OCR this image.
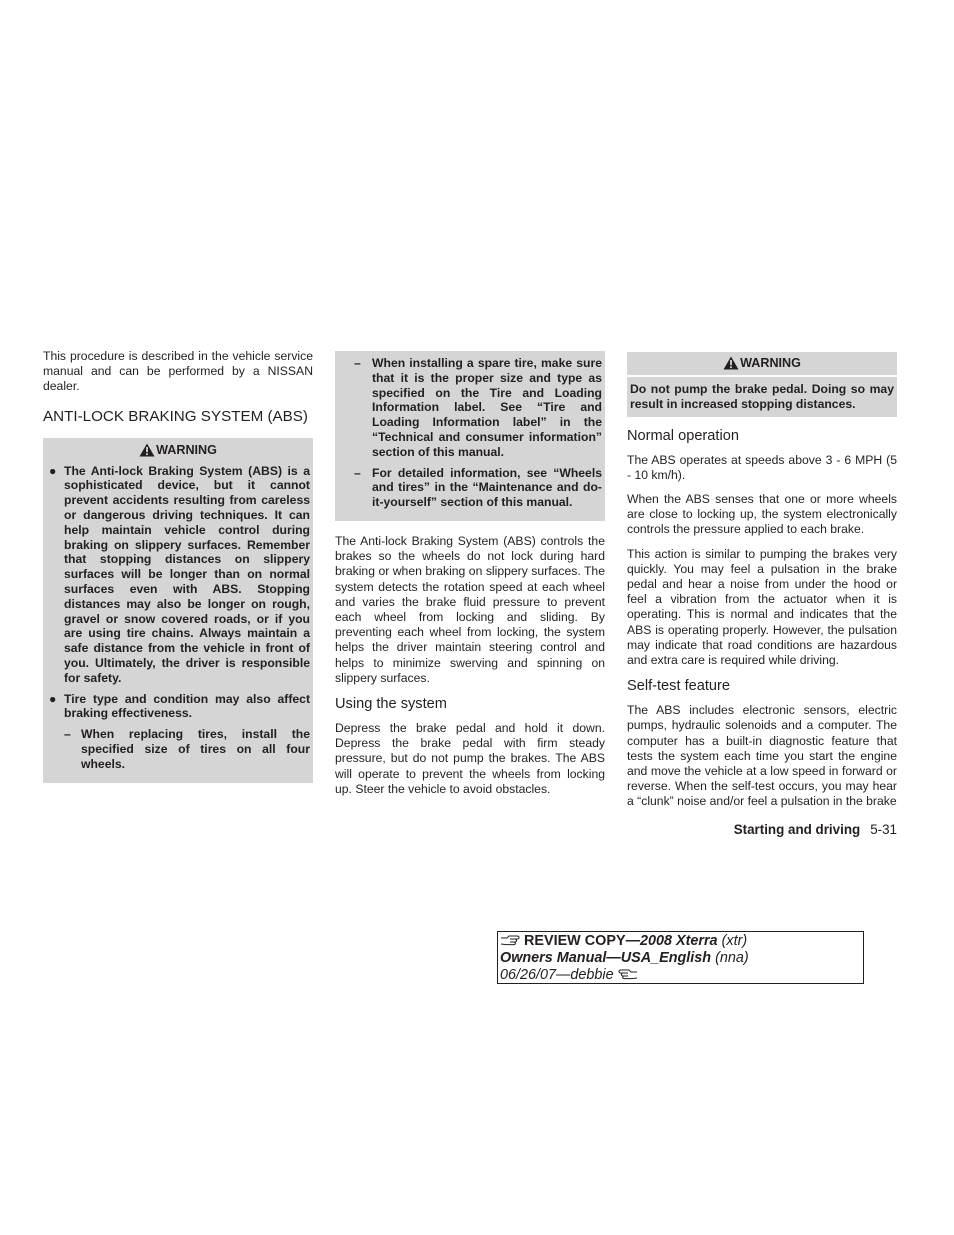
This procedure is described in the vehicle service manual and can be performed by a NISSAN dealer.

ANTI-LOCK BRAKING SYSTEM (ABS)
WARNING
● The Anti-lock Braking System (ABS) is a sophisticated device, but it cannot prevent accidents resulting from careless or dangerous driving techniques. It can help maintain vehicle control during braking on slippery surfaces. Remember that stopping distances on slippery surfaces will be longer than on normal surfaces even with ABS. Stopping distances may also be longer on rough, gravel or snow covered roads, or if you are using tire chains. Always maintain a safe distance from the vehicle in front of you. Ultimately, the driver is responsible for safety.
● Tire type and condition may also affect braking effectiveness.
– When replacing tires, install the specified size of tires on all four wheels.
– When installing a spare tire, make sure that it is the proper size and type as specified on the Tire and Loading Information label. See “Tire and Loading Information label” in the “Technical and consumer information” section of this manual.
– For detailed information, see “Wheels and tires” in the “Maintenance and do-it-yourself” section of this manual.

The Anti-lock Braking System (ABS) controls the brakes so the wheels do not lock during hard braking or when braking on slippery surfaces. The system detects the rotation speed at each wheel and varies the brake fluid pressure to prevent each wheel from locking and sliding. By preventing each wheel from locking, the system helps the driver maintain steering control and helps to minimize swerving and spinning on slippery surfaces.

Using the system

Depress the brake pedal and hold it down. Depress the brake pedal with firm steady pressure, but do not pump the brakes. The ABS will operate to prevent the wheels from locking up. Steer the vehicle to avoid obstacles.

WARNING
Do not pump the brake pedal. Doing so may result in increased stopping distances.
Normal operation

The ABS operates at speeds above 3 - 6 MPH (5 - 10 km/h).

When the ABS senses that one or more wheels are close to locking up, the system electronically controls the pressure applied to each brake.

This action is similar to pumping the brakes very quickly. You may feel a pulsation in the brake pedal and hear a noise from under the hood or feel a vibration from the actuator when it is operating. This is normal and indicates that the ABS is operating properly. However, the pulsation may indicate that road conditions are hazardous and extra care is required while driving.

Self-test feature

The ABS includes electronic sensors, electric pumps, hydraulic solenoids and a computer. The computer has a built-in diagnostic feature that tests the system each time you start the engine and move the vehicle at a low speed in forward or reverse. When the self-test occurs, you may hear a “clunk” noise and/or feel a pulsation in the brake

Starting and driving 5-31
REVIEW COPY—2008 Xterra (xtr)
Owners Manual—USA_English (nna)
06/26/07—debbie
